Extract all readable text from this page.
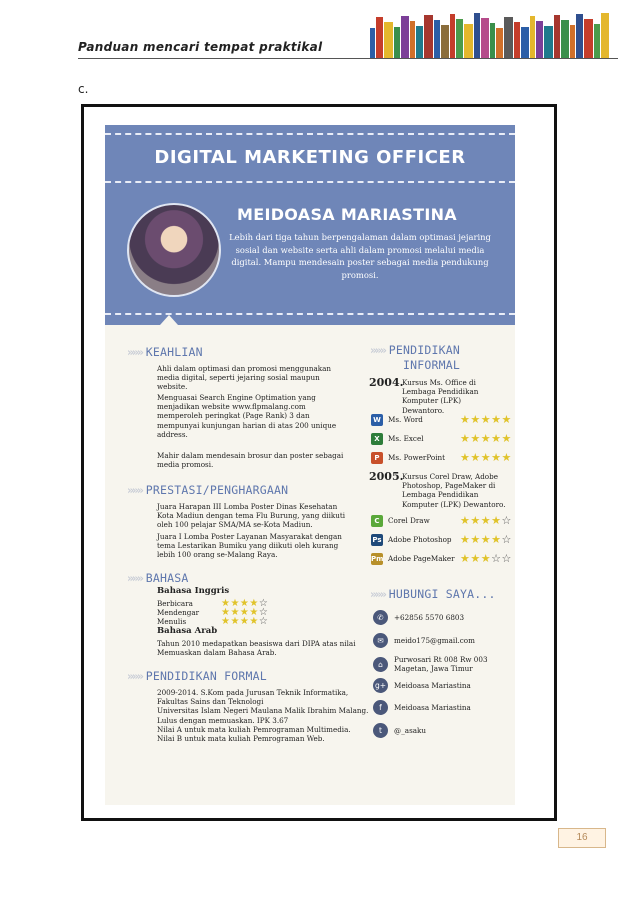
Panduan mencari tempat praktikal
c.
DIGITAL MARKETING OFFICER
MEIDOASA MARIASTINA
Lebih dari tiga tahun berpengalaman dalam optimasi jejaring sosial dan website serta ahli dalam promosi melalui media digital. Mampu mendesain poster sebagai media pendukung promosi.
»»» KEAHLIAN
Ahli dalam optimasi dan promosi menggunakan media digital, seperti jejaring sosial maupun website.
Menguasai Search Engine Optimation yang menjadikan website www.flpmalang.com memperoleh peringkat (Page Rank) 3 dan mempunyai kunjungan harian di atas 200 unique address.
Mahir dalam mendesain brosur dan poster sebagai media promosi.
»»» PRESTASI/PENGHARGAAN
Juara Harapan III Lomba Poster Dinas Kesehatan Kota Madiun dengan tema Flu Burung, yang diikuti oleh 100 pelajar SMA/MA se-Kota Madiun.
Juara I Lomba Poster Layanan Masyarakat dengan tema Lestarikan Bumiku yang diikuti oleh kurang lebih 100 orang se-Malang Raya.
»»» BAHASA
Bahasa Inggris
Bahasa Arab
Tahun 2010 medapatkan beasiswa dari DIPA atas nilai Memuaskan dalam Bahasa Arab.
»»» PENDIDIKAN FORMAL
»»» PENDIDIKAN
INFORMAL
2004.
Kursus Ms. Office di Lembaga Pendidikan Komputer (LPK) Dewantoro.
2005.
Kursus Corel Draw, Adobe Photoshop, PageMaker di Lembaga Pendidikan Komputer (LPK) Dewantoro.
»»» HUBUNGI SAYA...
Berbicara	★★★★☆
Mendengar	★★★★☆
Menulis	★★★★☆
2009-2014. S.Kom pada Jurusan Teknik Informatika, Fakultas Sains dan Teknologi
Universitas Islam Negeri Maulana Malik Ibrahim Malang.
Lulus dengan memuaskan. IPK 3.67
Nilai A untuk mata kuliah Pemrograman Multimedia.
Nilai B untuk mata kuliah Pemrograman Web.
W Ms. Word	★★★★★
X	Ms. Excel	★★★★★
P	Ms. PowerPoint	★★★★★
C	Corel Draw	★★★★☆
Ps Adobe Photoshop ★★★★☆
Pm Adobe PageMaker ★★★☆☆
✆	+62856 5570 6803
✉	meido175@gmail.com
⌂	Purwosari Rt 008 Rw 003 Magetan, Jawa Timur
g+ Meidoasa Mariastina
f	Meidoasa Mariastina
t	@_asaku
16
